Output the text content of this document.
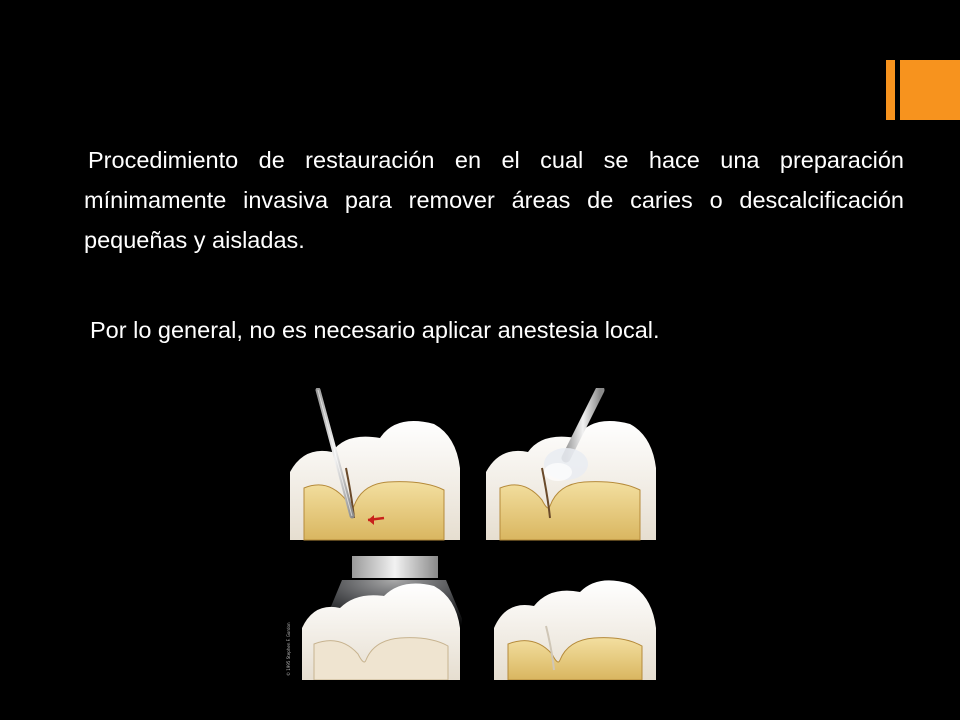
Procedimiento de restauración en el cual se hace una preparación mínimamente invasiva para remover áreas de caries o descalcificación pequeñas y aisladas.
Por lo general, no es necesario aplicar anestesia local.
© 1995 Stephen F. Gordon
